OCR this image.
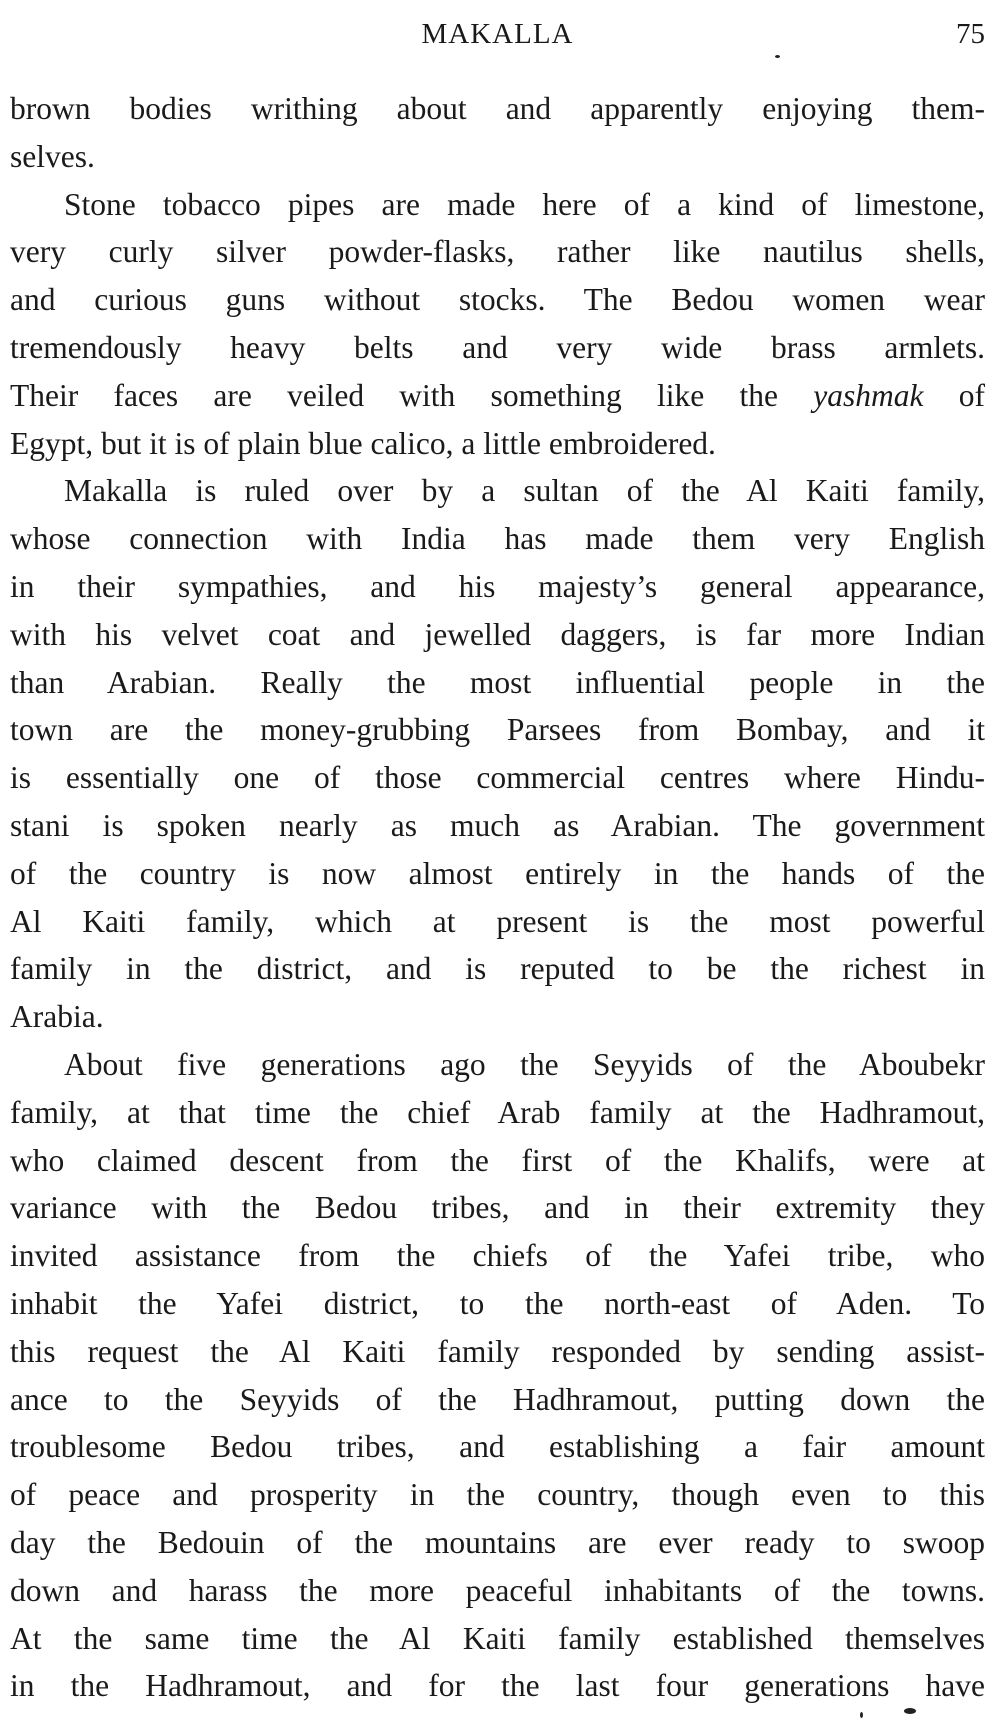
MAKALLA	75
brown bodies writhing about and apparently enjoying them-
selves.
Stone tobacco pipes are made here of a kind of limestone,
very curly silver powder-flasks, rather like nautilus shells,
and curious guns without stocks. The Bedou women wear
tremendously heavy belts and very wide brass armlets.
Their faces are veiled with something like the yashmak of
Egypt, but it is of plain blue calico, a little embroidered.
Makalla is ruled over by a sultan of the Al Kaiti family,
whose connection with India has made them very English
in their sympathies, and his majesty’s general appearance,
with his velvet coat and jewelled daggers, is far more Indian
than Arabian. Really the most influential people in the
town are the money-grubbing Parsees from Bombay, and it
is essentially one of those commercial centres where Hindu-
stani is spoken nearly as much as Arabian. The government
of the country is now almost entirely in the hands of the
Al Kaiti family, which at present is the most powerful
family in the district, and is reputed to be the richest in
Arabia.
About five generations ago the Seyyids of the Aboubekr
family, at that time the chief Arab family at the Hadhramout,
who claimed descent from the first of the Khalifs, were at
variance with the Bedou tribes, and in their extremity they
invited assistance from the chiefs of the Yafei tribe, who
inhabit the Yafei district, to the north-east of Aden. To
this request the Al Kaiti family responded by sending assist-
ance to the Seyyids of the Hadhramout, putting down the
troublesome Bedou tribes, and establishing a fair amount
of peace and prosperity in the country, though even to this
day the Bedouin of the mountains are ever ready to swoop
down and harass the more peaceful inhabitants of the towns.
At the same time the Al Kaiti family established themselves
in the Hadhramout, and for the last four generations have
